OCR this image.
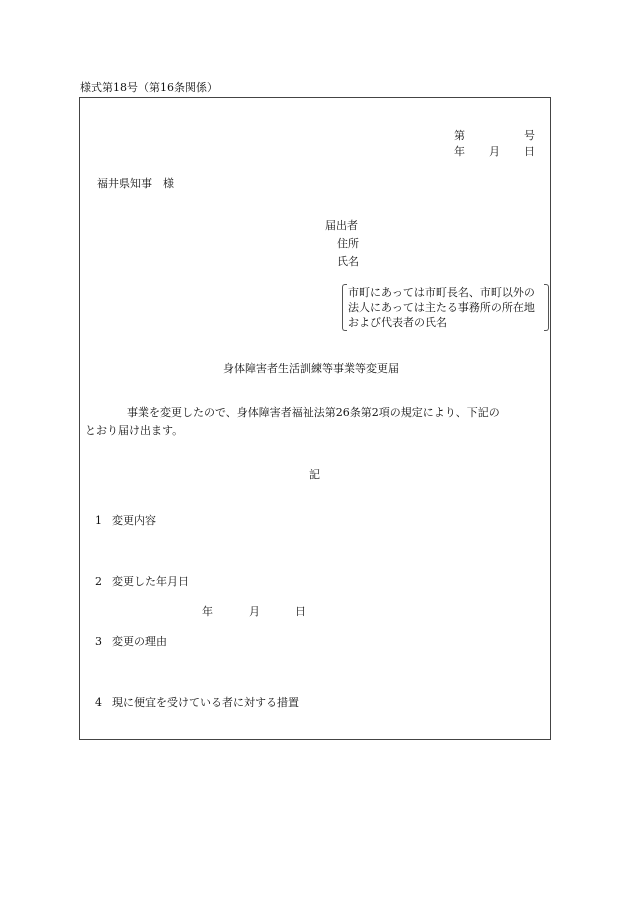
様式第18号（第16条関係）
第	号
年 月 日
福井県知事　様
届出者
住所
氏名
市町にあっては市町長名、市町以外の
法人にあっては主たる事務所の所在地
および代表者の氏名
身体障害者生活訓練等事業等変更届
事業を変更したので、身体障害者福祉法第26条第2項の規定により、下記の
とおり届け出ます。
記
1 変更内容
2 変更した年月日
年	月	日
3 変更の理由
4 現に便宜を受けている者に対する措置
